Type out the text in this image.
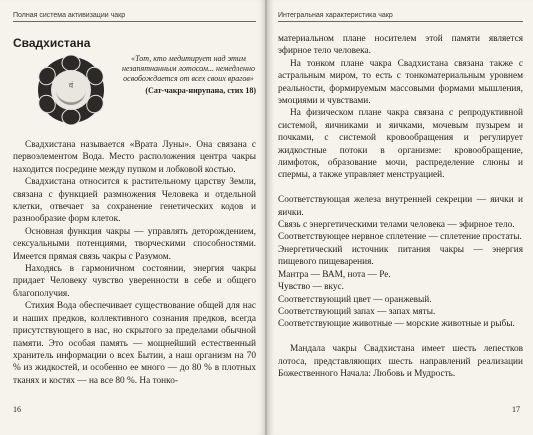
Полная система активизации чакр
Свадхистана
वं
«Тот, кто медитирует над этим незапятнанным лотосом... немедленно освобождается от всех своих врагов»
(Сат-чакра-нирупана, стих 18)

Свадхистана называется «Врата Луны». Она связана с первоэлементом Вода. Место расположения центра чакры находится посредине между пупком и лобковой костью.

Свадхистана относится к растительному царству Земли, связана с функцией размножения Человека и отдельной клетки, отвечает за сохранение генетических кодов и разнообразие форм клеток.

Основная функция чакры — управлять деторождением, сексуальными потенциями, творческими способностями. Имеется прямая связь чакры с Разумом.

Находясь в гармоничном состоянии, энергия чакры придает Человеку чувство уверенности в себе и общего благополучия.

Стихия Вода обеспечивает существование общей для нас и наших предков, коллективного сознания предков, всегда присутствующего в нас, но скрытого за пределами обычной памяти. Это особая память — мощнейший естественный хранитель информации о всех Бытии, а наш организм на 70 % из жидкостей, и особенно ее много — до 80 % в плотных тканях и костях — на все 80 %. На тонко-

16
Интегральная характеристика чакр

материальном плане носителем этой памяти является эфирное тело человека.

На тонком плане чакра Свадхистана связана также с астральным миром, то есть с тонкоматериальным уровнем реальности, формируемым массовыми формами мышления, эмоциями и чувствами.

На физическом плане чакра связана с репродуктивной системой, яичниками и яичками, мочевым пузырем и почками, с системой кровообращения и регулирует жидкостные потоки в организме: кровообращение, лимфоток, образование мочи, распределение слюны и спермы, а также управляет менструацией.

Соответствующая железа внутренней секреции — яички и яички.

Связь с энергетическими телами человека — эфирное тело.

Соответствующее нервное сплетение — сплетение простаты.

Энергетический источник питания чакры — энергия пищевого пищеварения.

Мантра — ВАМ, нота — Ре.

Чувство — вкус.

Соответствующий цвет — оранжевый.

Соответствующий запах — запах мяты.

Соответствующие животные — морские животные и рыбы.

Мандала чакры Свадхистана имеет шесть лепестков лотоса, представляющих шесть направлений реализации Божественного Начала: Любовь и Мудрость.

17
